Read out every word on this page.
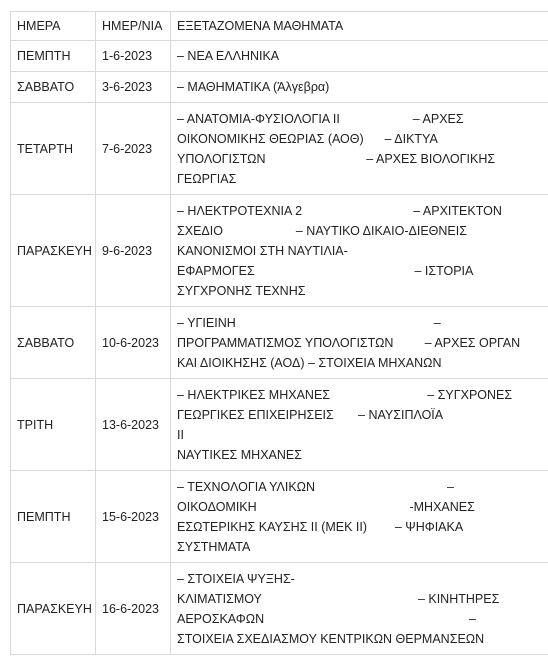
ΗΜΕΡΑ	ΗΜΕΡ/ΝΙΑ	ΕΞΕΤΑΖΟΜΕΝΑ ΜΑΘΗΜΑΤΑ
ΠΕΜΠΤΗ	1-6-2023	– ΝΕΑ ΕΛΛΗΝΙΚΑ
ΣΑΒΒΑΤΟ	3-6-2023	– ΜΑΘΗΜΑΤΙΚΑ (Άλγεβρα)
ΤΕΤΑΡΤΗ	7-6-2023	– ΑΝΑΤΟΜΙΑ-ΦΥΣΙΟΛΟΓΙΑ ΙΙ                     – ΑΡΧΕΣ
ΟΙΚΟΝΟΜΙΚΗΣ ΘΕΩΡΙΑΣ (ΑΟΘ)      – ΔΙΚΤΥΑ
ΥΠΟΛΟΓΙΣΤΩΝ                             – ΑΡΧΕΣ ΒΙΟΛΟΓΙΚΗΣ
ΓΕΩΡΓΙΑΣ
ΠΑΡΑΣΚΕΥΗ	9-6-2023	– ΗΛΕΚΤΡΟΤΕΧΝΙΑ 2                                – ΑΡΧΙΤΕΚΤΟΝ
ΣΧΕΔΙΟ                     – ΝΑΥΤΙΚΟ ΔΙΚΑΙΟ-ΔΙΕΘΝΕΙΣ
ΚΑΝΟΝΙΣΜΟΙ ΣΤΗ ΝΑΥΤΙΛΙΑ-
ΕΦΑΡΜΟΓΕΣ                                              – ΙΣΤΟΡΙΑ
ΣΥΓΧΡΟΝΗΣ ΤΕΧΝΗΣ
ΣΑΒΒΑΤΟ	10-6-2023	– ΥΓΙΕΙΝΗ                                                         –
ΠΡΟΓΡΑΜΜΑΤΙΣΜΟΣ ΥΠΟΛΟΓΙΣΤΩΝ         – ΑΡΧΕΣ ΟΡΓΑΝ
ΚΑΙ ΔΙΟΙΚΗΣΗΣ (ΑΟΔ) – ΣΤΟΙΧΕΙΑ ΜΗΧΑΝΩΝ
ΤΡΙΤΗ	13-6-2023	– ΗΛΕΚΤΡΙΚΕΣ ΜΗΧΑΝΕΣ                            – ΣΥΓΧΡΟΝΕΣ
ΓΕΩΡΓΙΚΕΣ ΕΠΙΧΕΙΡΗΣΕΙΣ       – ΝΑΥΣΙΠΛΟΪΑ
ΙΙ
ΝΑΥΤΙΚΕΣ ΜΗΧΑΝΕΣ
ΠΕΜΠΤΗ	15-6-2023	– ΤΕΧΝΟΛΟΓΙΑ ΥΛΙΚΩΝ                                      –
ΟΙΚΟΔΟΜΙΚΗ                                            -ΜΗΧΑΝΕΣ
ΕΣΩΤΕΡΙΚΗΣ ΚΑΥΣΗΣ ΙΙ (ΜΕΚ ΙΙ)        – ΨΗΦΙΑΚΑ
ΣΥΣΤΗΜΑΤΑ
ΠΑΡΑΣΚΕΥΗ	16-6-2023	– ΣΤΟΙΧΕΙΑ ΨΥΞΗΣ-
ΚΛΙΜΑΤΙΣΜΟΥ                                             – ΚΙΝΗΤΗΡΕΣ
ΑΕΡΟΣΚΑΦΩΝ                                                           –
ΣΤΟΙΧΕΙΑ ΣΧΕΔΙΑΣΜΟΥ ΚΕΝΤΡΙΚΩΝ ΘΕΡΜΑΝΣΕΩΝ
